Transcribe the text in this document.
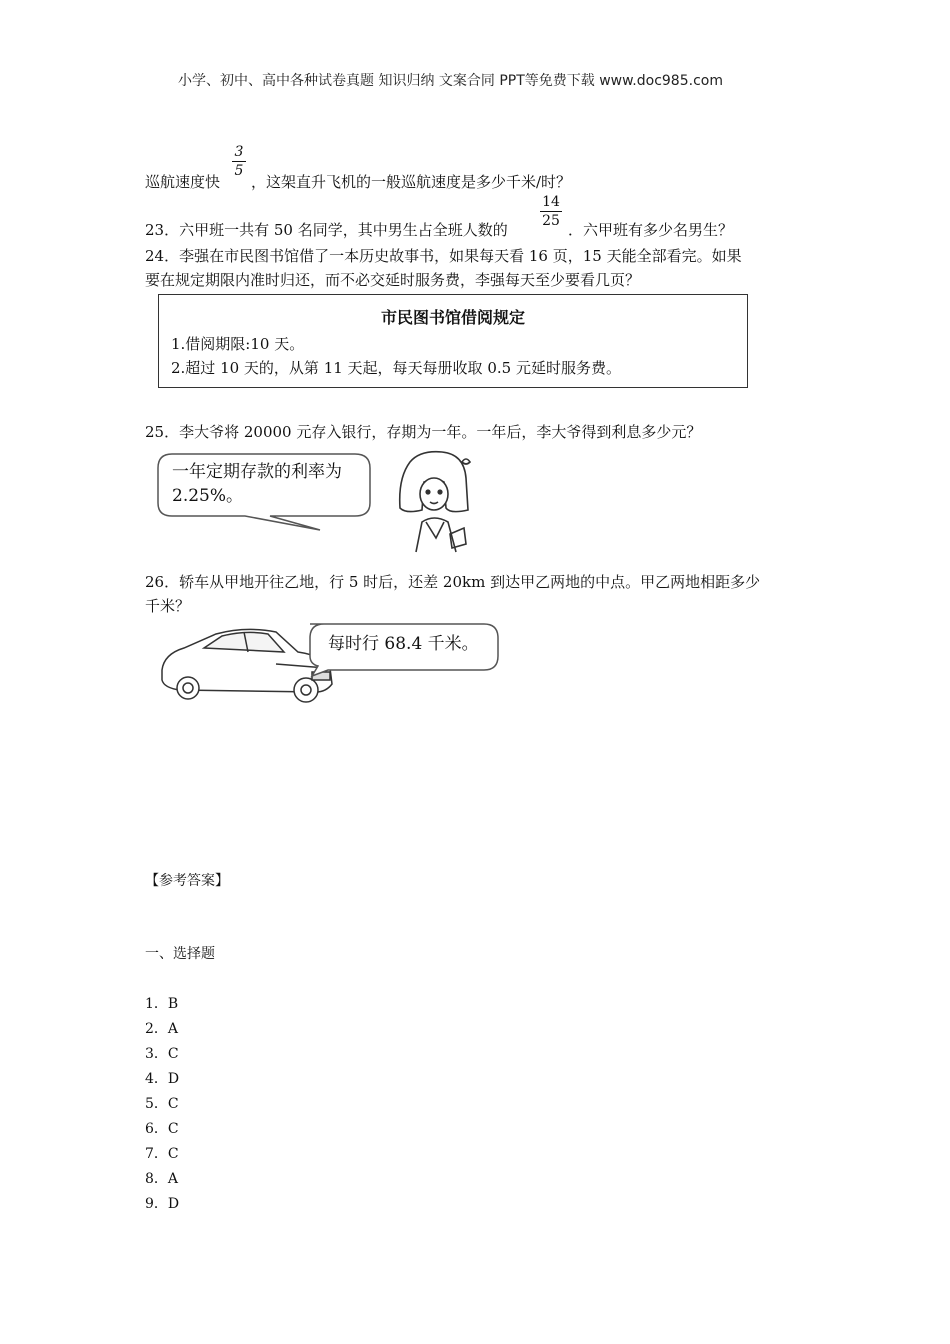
小学、初中、高中各种试卷真题 知识归纳 文案合同 PPT等免费下载 www.doc985.com
巡航速度快
3
5
，这架直升飞机的一般巡航速度是多少千米/时？
23．六甲班一共有 50 名同学，其中男生占全班人数的
14
25 ．六甲班有多少名男生？
24．李强在市民图书馆借了一本历史故事书，如果每天看 16 页，15 天能全部看完。如果
要在规定期限内准时归还，而不必交延时服务费，李强每天至少要看几页？
市民图书馆借阅规定
1.借阅期限:10 天。
2.超过 10 天的，从第 11 天起，每天每册收取 0.5 元延时服务费。
25．李大爷将 20000 元存入银行，存期为一年。一年后，李大爷得到利息多少元？
一年定期存款的利率为
2.25%。
26．轿车从甲地开往乙地，行 5 时后，还差 20km 到达甲乙两地的中点。甲乙两地相距多少
千米？
每时行 68.4 千米。
【参考答案】
一、选择题
1．B
2．A
3．C
4．D
5．C
6．C
7．C
8．A
9．D
